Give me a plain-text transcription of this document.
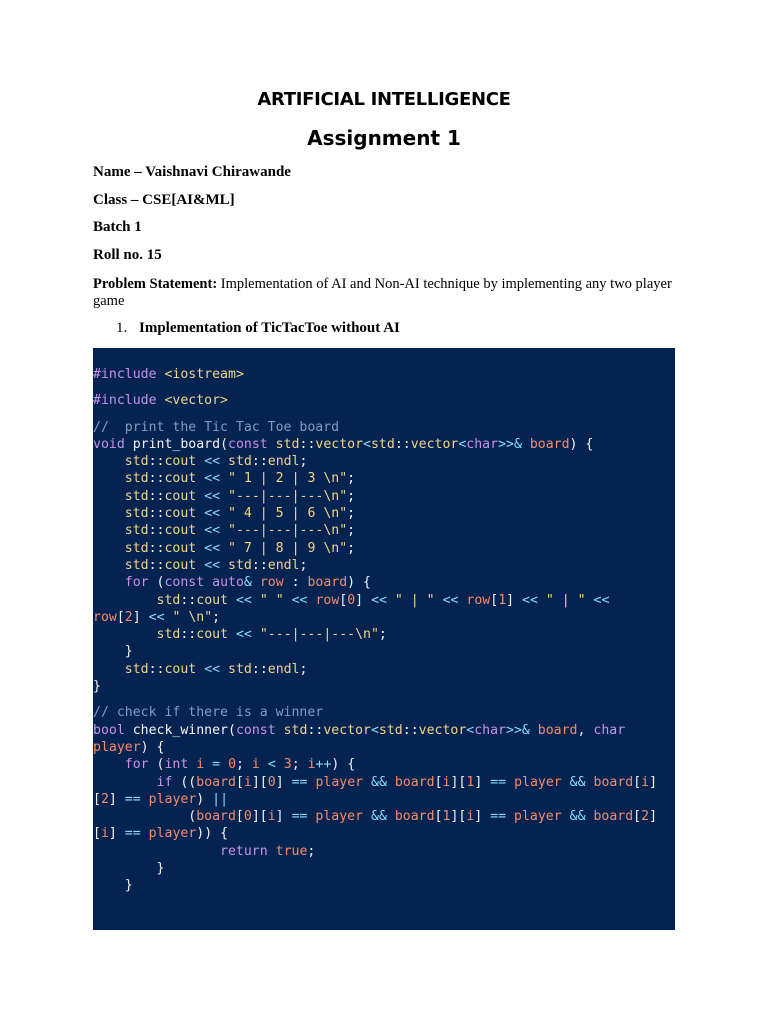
ARTIFICIAL INTELLIGENCE
Assignment 1
Name – Vaishnavi Chirawande
Class – CSE[AI&ML]
Batch 1
Roll no. 15
Problem Statement: Implementation of AI and Non-AI technique by implementing any two player game
1. Implementation of TicTacToe without AI
#include <iostream>

#include <vector>

//  print the Tic Tac Toe board
void print_board(const std::vector<std::vector<char>>& board) {
std::cout << std::endl;
std::cout << " 1 | 2 | 3 \n";
std::cout << "---|---|---\n";
std::cout << " 4 | 5 | 6 \n";
std::cout << "---|---|---\n";
std::cout << " 7 | 8 | 9 \n";
std::cout << std::endl;
for (const auto& row : board) {
std::cout << " " << row[0] << " | " << row[1] << " | " <<
row[2] << " \n";
std::cout << "---|---|---\n";
}
std::cout << std::endl;
}

// check if there is a winner
bool check_winner(const std::vector<std::vector<char>>& board, char
player) {
for (int i = 0; i < 3; i++) {
if ((board[i][0] == player && board[i][1] == player && board[i]
[2] == player) ||
(board[0][i] == player && board[1][i] == player && board[2]
[i] == player)) {
return true;
}
}
